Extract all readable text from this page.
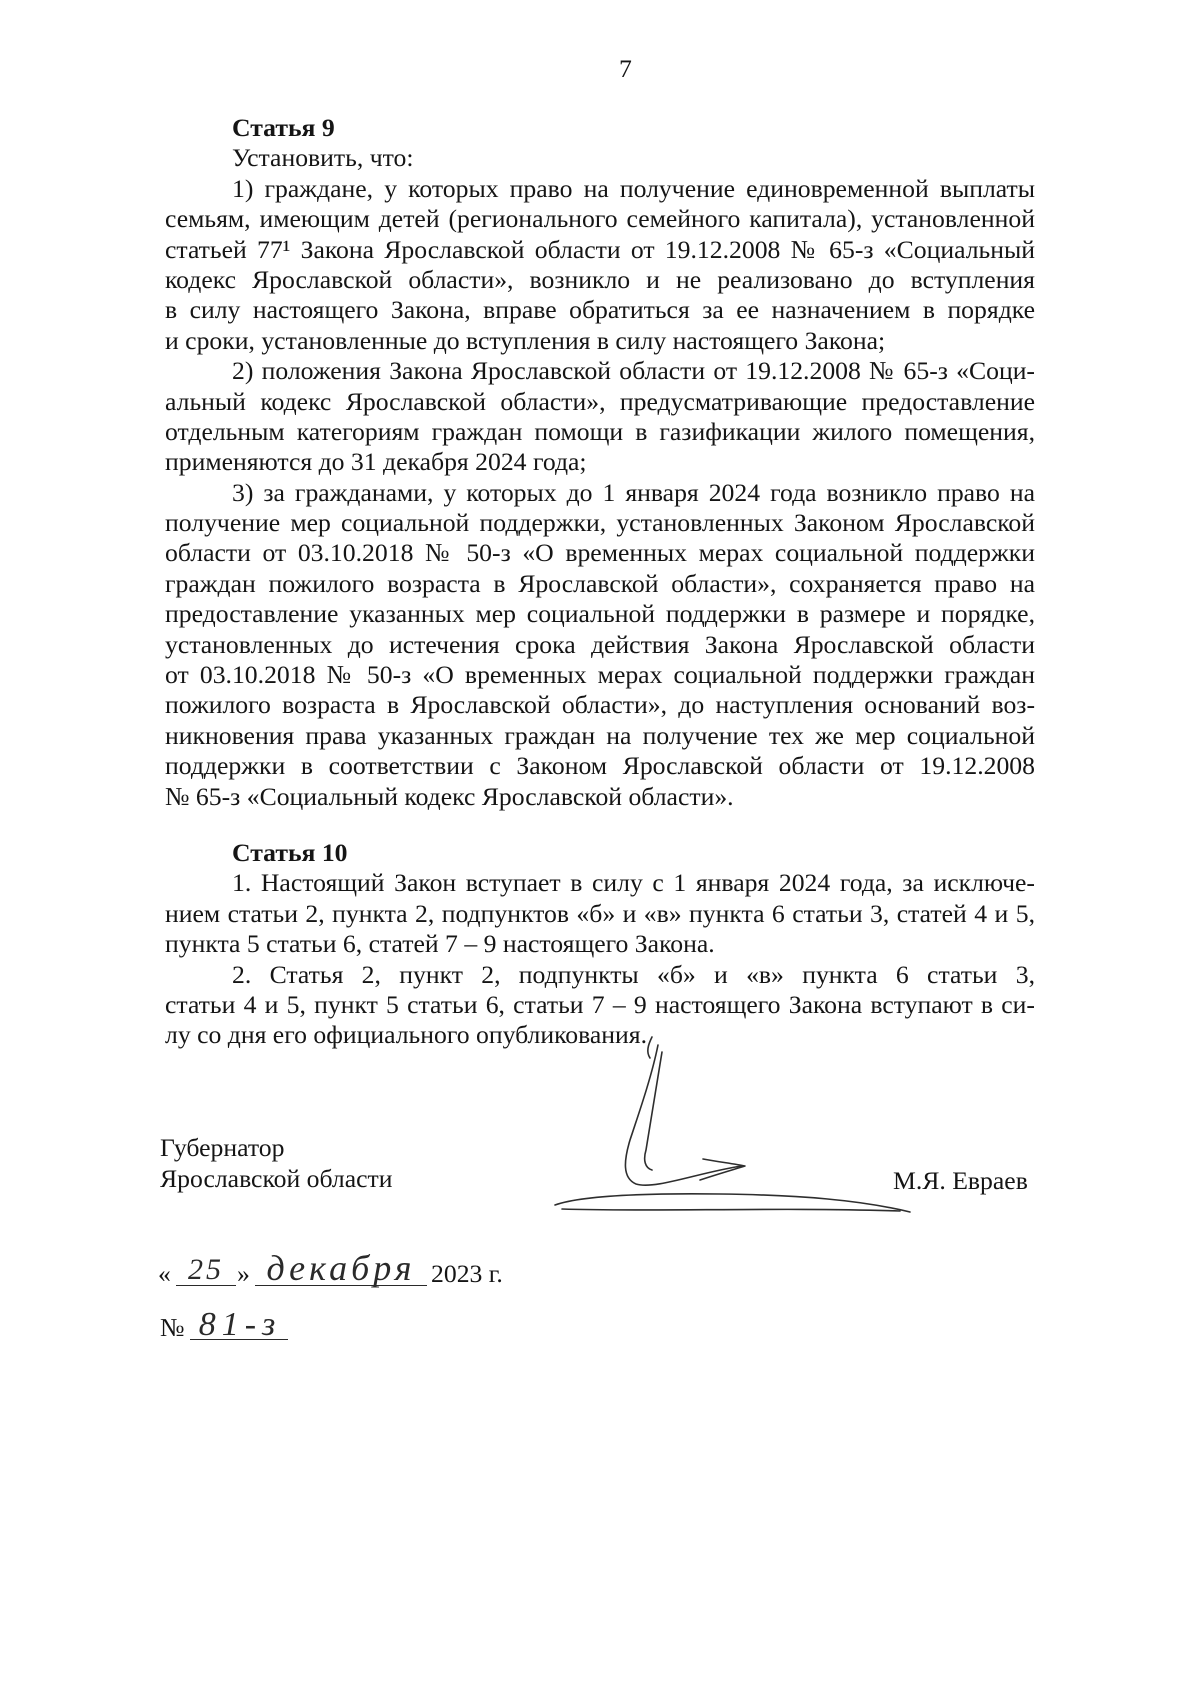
7
Статья 9
Установить, что:
1) граждане, у которых право на получение единовременной выплаты
семьям, имеющим детей (регионального семейного капитала), установленной
статьей 77¹ Закона Ярославской области от 19.12.2008 № 65-з «Социальный
кодекс Ярославской области», возникло и не реализовано до вступления
в силу настоящего Закона, вправе обратиться за ее назначением в порядке
и сроки, установленные до вступления в силу настоящего Закона;
2) положения Закона Ярославской области от 19.12.2008 № 65-з «Соци-
альный кодекс Ярославской области», предусматривающие предоставление
отдельным категориям граждан помощи в газификации жилого помещения,
применяются до 31 декабря 2024 года;
3) за гражданами, у которых до 1 января 2024 года возникло право на
получение мер социальной поддержки, установленных Законом Ярославской
области от 03.10.2018 № 50-з «О временных мерах социальной поддержки
граждан пожилого возраста в Ярославской области», сохраняется право на
предоставление указанных мер социальной поддержки в размере и порядке,
установленных до истечения срока действия Закона Ярославской области
от 03.10.2018 № 50-з «О временных мерах социальной поддержки граждан
пожилого возраста в Ярославской области», до наступления оснований воз-
никновения права указанных граждан на получение тех же мер социальной
поддержки в соответствии с Законом Ярославской области от 19.12.2008
№ 65-з «Социальный кодекс Ярославской области».
Статья 10
1. Настоящий Закон вступает в силу с 1 января 2024 года, за исключе-
нием статьи 2, пункта 2, подпунктов «б» и «в» пункта 6 статьи 3, статей 4 и 5,
пункта 5 статьи 6, статей 7 – 9 настоящего Закона.
2. Статья 2, пункт 2, подпункты «б» и «в» пункта 6 статьи 3,
статьи 4 и 5, пункт 5 статьи 6, статьи 7 – 9 настоящего Закона вступают в си-
лу со дня его официального опубликования.
Губернатор
Ярославской области	М.Я. Евраев
« 25 » декабря 2023 г.
№ 81-з
